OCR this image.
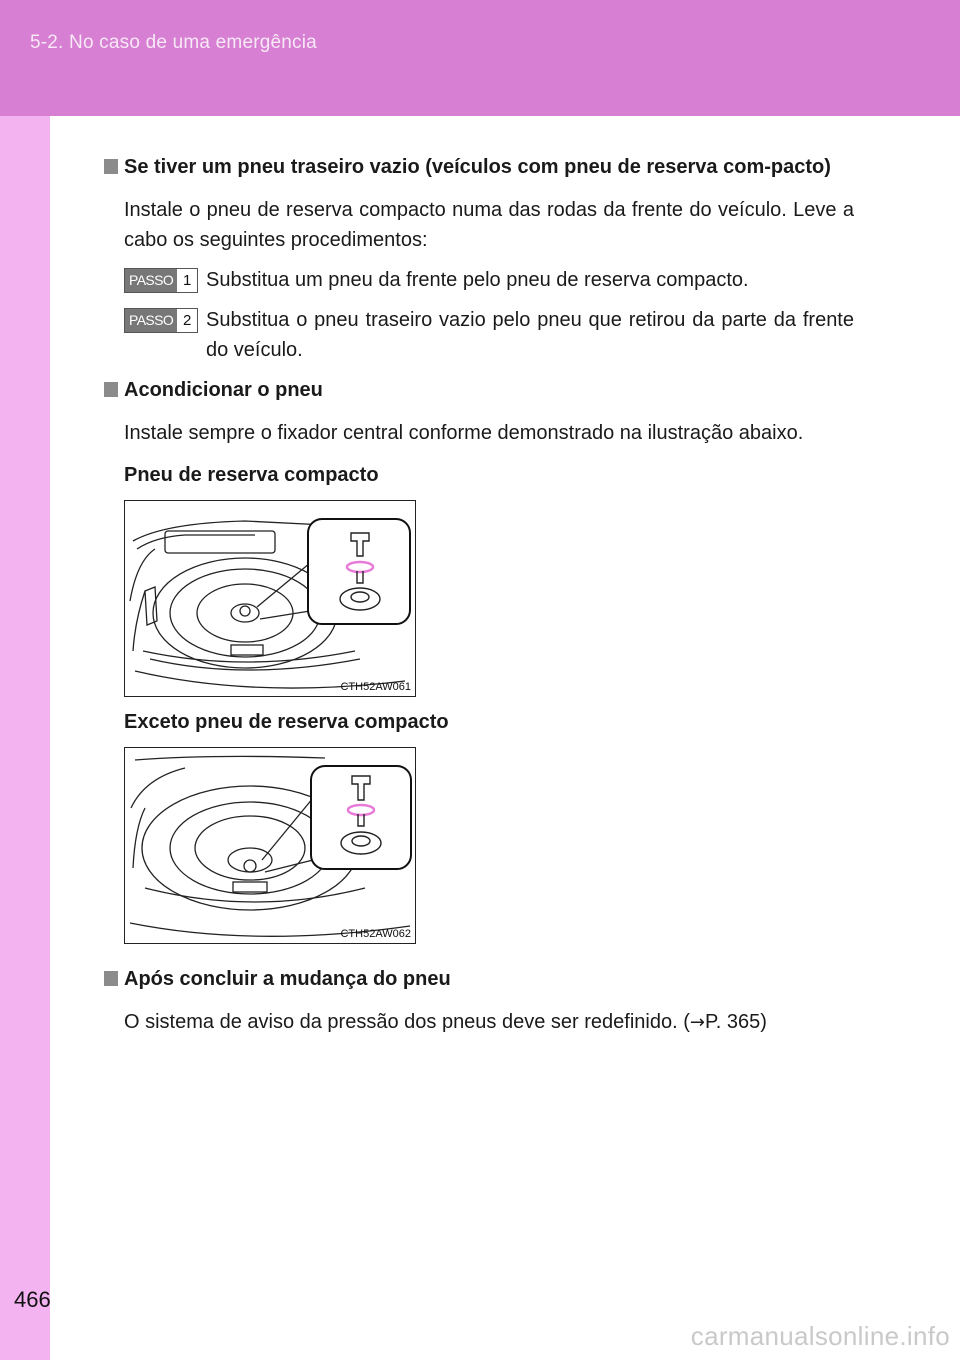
5-2. No caso de uma emergência
466

Se tiver um pneu traseiro vazio (veículos com pneu de reserva com-pacto)

Instale o pneu de reserva compacto numa das rodas da frente do veículo. Leve a cabo os seguintes procedimentos:

PASSO 1 Substitua um pneu da frente pelo pneu de reserva compacto.
PASSO 2 Substitua o pneu traseiro vazio pelo pneu que retirou da parte da frente do veículo.

Acondicionar o pneu

Instale sempre o fixador central conforme demonstrado na ilustração abaixo.

Pneu de reserva compacto

CTH52AW061

Exceto pneu de reserva compacto

CTH52AW062

Após concluir a mudança do pneu

O sistema de aviso da pressão dos pneus deve ser redefinido. (→P. 365)

carmanualsonline.info
